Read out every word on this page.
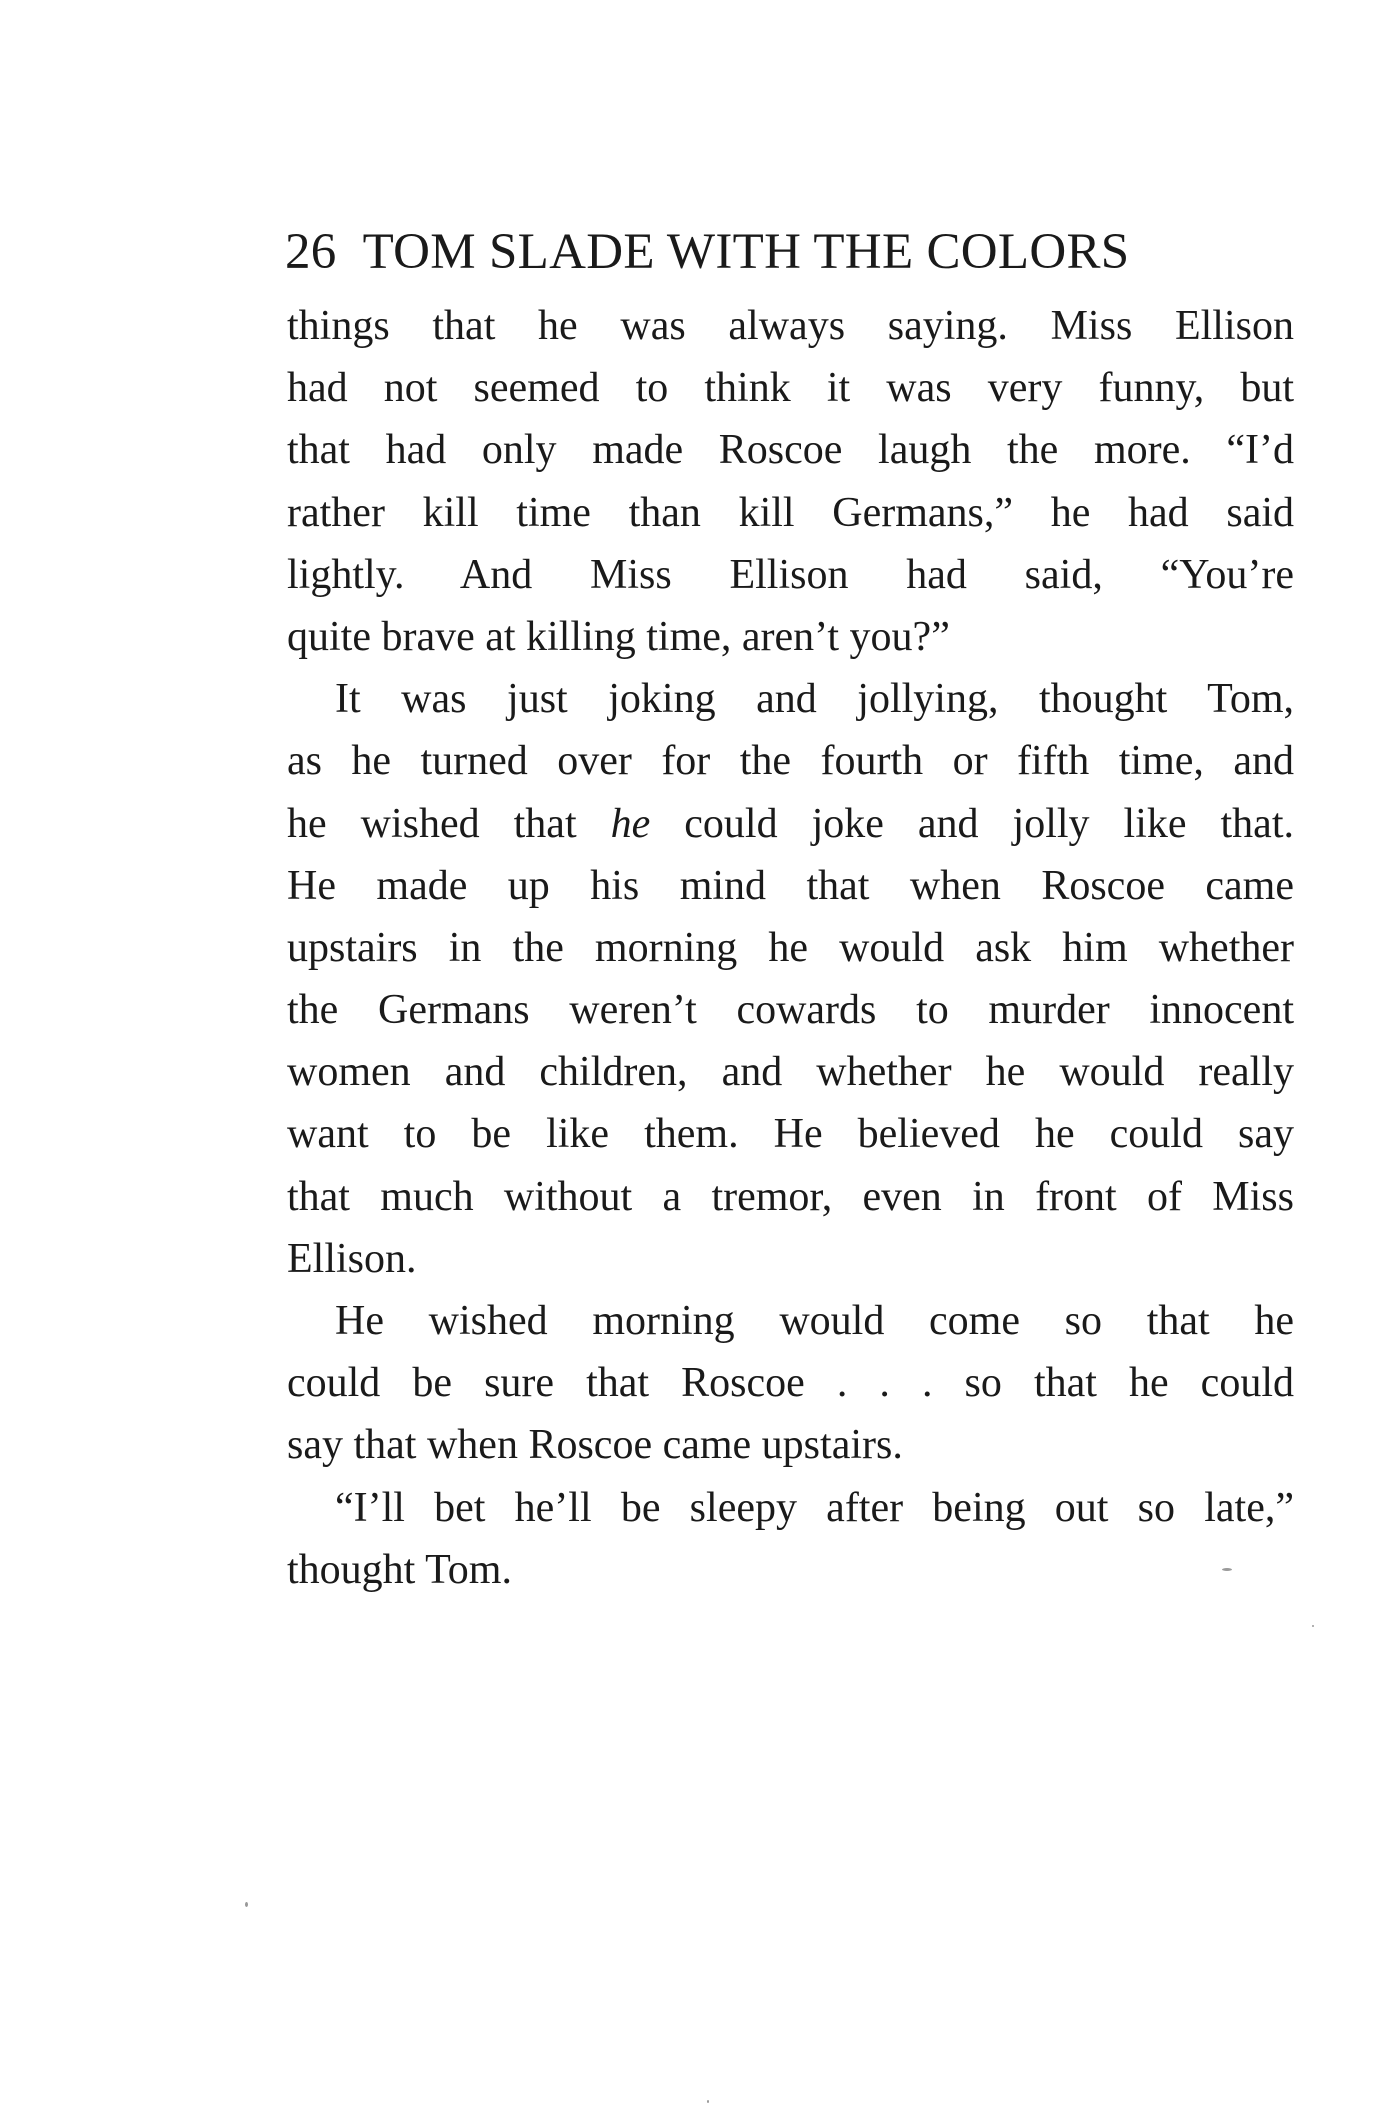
26 TOM SLADE WITH THE COLORS
things that he was always saying. Miss Ellison
had not seemed to think it was very funny, but
that had only made Roscoe laugh the more. “I’d
rather kill time than kill Germans,” he had said
lightly. And Miss Ellison had said, “You’re
quite brave at killing time, aren’t you?”
It was just joking and jollying, thought Tom,
as he turned over for the fourth or fifth time, and
he wished that he could joke and jolly like that.
He made up his mind that when Roscoe came
upstairs in the morning he would ask him whether
the Germans weren’t cowards to murder innocent
women and children, and whether he would really
want to be like them. He believed he could say
that much without a tremor, even in front of Miss
Ellison.
He wished morning would come so that he
could be sure that Roscoe . . . so that he could
say that when Roscoe came upstairs.
“I’ll bet he’ll be sleepy after being out so late,”
thought Tom.
